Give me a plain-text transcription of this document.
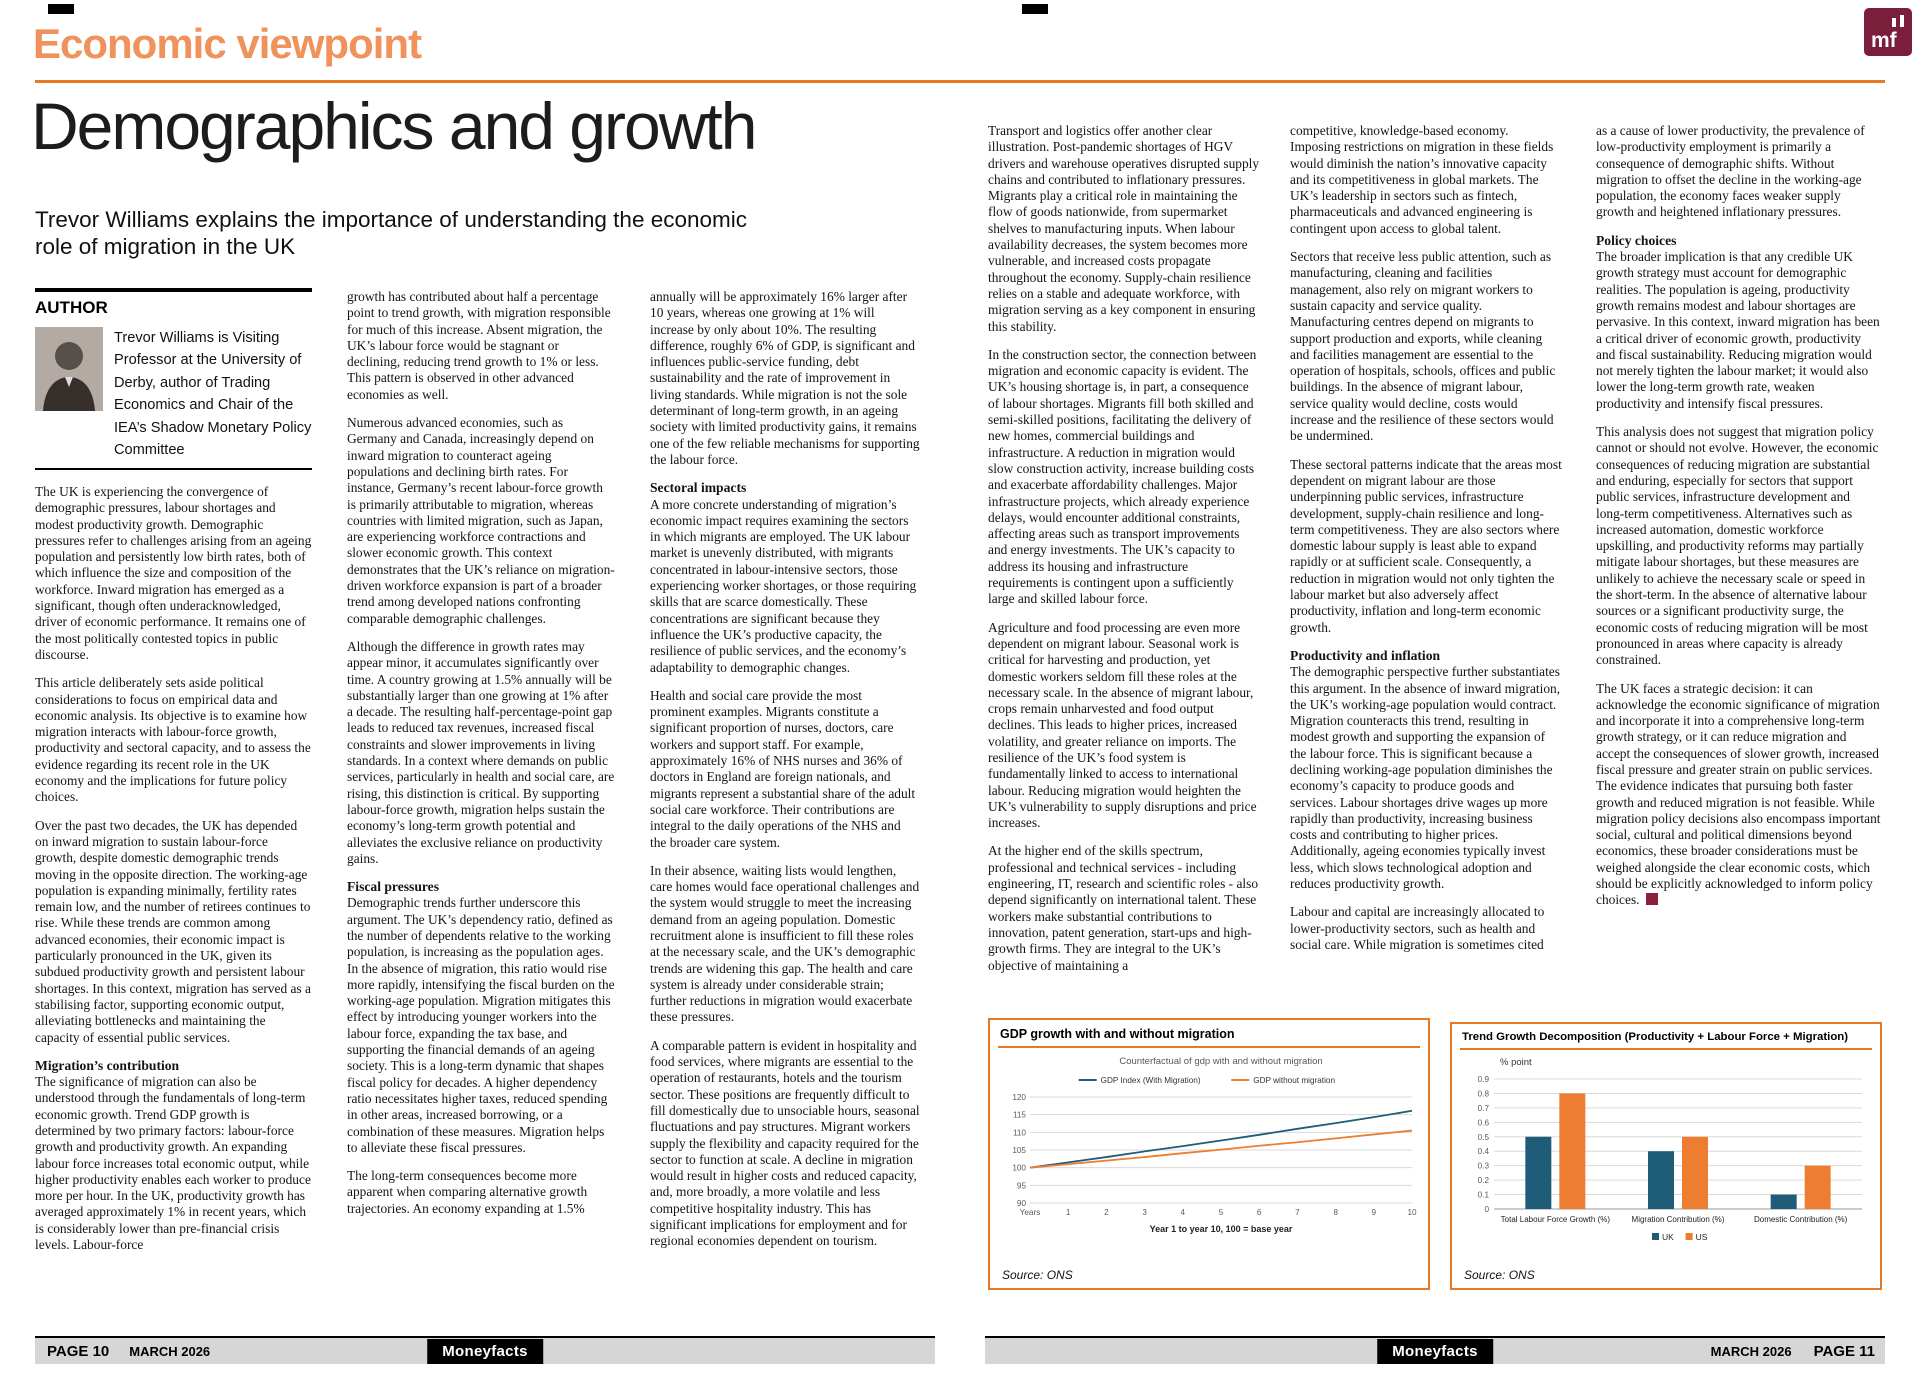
Economic viewpoint	mf
Demographics and growth

Trevor Williams explains the importance of understanding the economic role of migration in the UK

AUTHOR
Trevor Williams is Visiting Professor at the University of Derby, author of Trading Economics and Chair of the IEA’s Shadow Monetary Policy Committee

The UK is experiencing the convergence of demographic pressures, labour shortages and modest productivity growth. Demographic pressures refer to challenges arising from an ageing population and persistently low birth rates, both of which influence the size and composition of the workforce. Inward migration has emerged as a significant, though often underacknowledged, driver of economic performance. It remains one of the most politically contested topics in public discourse.

This article deliberately sets aside political considerations to focus on empirical data and economic analysis. Its objective is to examine how migration interacts with labour-force growth, productivity and sectoral capacity, and to assess the evidence regarding its recent role in the UK economy and the implications for future policy choices.

Over the past two decades, the UK has depended on inward migration to sustain labour-force growth, despite domestic demographic trends moving in the opposite direction. The working-age population is expanding minimally, fertility rates remain low, and the number of retirees continues to rise. While these trends are common among advanced economies, their economic impact is particularly pronounced in the UK, given its subdued productivity growth and persistent labour shortages. In this context, migration has served as a stabilising factor, supporting economic output, alleviating bottlenecks and maintaining the capacity of essential public services.

Migration’s contribution

The significance of migration can also be understood through the fundamentals of long-term economic growth. Trend GDP growth is determined by two primary factors: labour-force growth and productivity growth. An expanding labour force increases total economic output, while higher productivity enables each worker to produce more per hour. In the UK, productivity growth has averaged approximately 1% in recent years, which is considerably lower than pre-financial crisis levels. Labour-force

growth has contributed about half a percentage point to trend growth, with migration responsible for much of this increase. Absent migration, the UK’s labour force would be stagnant or declining, reducing trend growth to 1% or less. This pattern is observed in other advanced economies as well.

Numerous advanced economies, such as Germany and Canada, increasingly depend on inward migration to counteract ageing populations and declining birth rates. For instance, Germany’s recent labour-force growth is primarily attributable to migration, whereas countries with limited migration, such as Japan, are experiencing workforce contractions and slower economic growth. This context demonstrates that the UK’s reliance on migration-driven workforce expansion is part of a broader trend among developed nations confronting comparable demographic challenges.

Although the difference in growth rates may appear minor, it accumulates significantly over time. A country growing at 1.5% annually will be substantially larger than one growing at 1% after a decade. The resulting half-percentage-point gap leads to reduced tax revenues, increased fiscal constraints and slower improvements in living standards. In a context where demands on public services, particularly in health and social care, are rising, this distinction is critical. By supporting labour-force growth, migration helps sustain the economy’s long-term growth potential and alleviates the exclusive reliance on productivity gains.

Fiscal pressures

Demographic trends further underscore this argument. The UK’s dependency ratio, defined as the number of dependents relative to the working population, is increasing as the population ages. In the absence of migration, this ratio would rise more rapidly, intensifying the fiscal burden on the working-age population. Migration mitigates this effect by introducing younger workers into the labour force, expanding the tax base, and supporting the financial demands of an ageing society. This is a long-term dynamic that shapes fiscal policy for decades. A higher dependency ratio necessitates higher taxes, reduced spending in other areas, increased borrowing, or a combination of these measures. Migration helps to alleviate these fiscal pressures.

The long-term consequences become more apparent when comparing alternative growth trajectories. An economy expanding at 1.5%

annually will be approximately 16% larger after 10 years, whereas one growing at 1% will increase by only about 10%. The resulting difference, roughly 6% of GDP, is significant and influences public-service funding, debt sustainability and the rate of improvement in living standards. While migration is not the sole determinant of long-term growth, in an ageing society with limited productivity gains, it remains one of the few reliable mechanisms for supporting the labour force.

Sectoral impacts

A more concrete understanding of migration’s economic impact requires examining the sectors in which migrants are employed. The UK labour market is unevenly distributed, with migrants concentrated in labour-intensive sectors, those experiencing worker shortages, or those requiring skills that are scarce domestically. These concentrations are significant because they influence the UK’s productive capacity, the resilience of public services, and the economy’s adaptability to demographic changes.

Health and social care provide the most prominent examples. Migrants constitute a significant proportion of nurses, doctors, care workers and support staff. For example, approximately 16% of NHS nurses and 36% of doctors in England are foreign nationals, and migrants represent a substantial share of the adult social care workforce. Their contributions are integral to the daily operations of the NHS and the broader care system.

In their absence, waiting lists would lengthen, care homes would face operational challenges and the system would struggle to meet the increasing demand from an ageing population. Domestic recruitment alone is insufficient to fill these roles at the necessary scale, and the UK’s demographic trends are widening this gap. The health and care system is already under considerable strain; further reductions in migration would exacerbate these pressures.

A comparable pattern is evident in hospitality and food services, where migrants are essential to the operation of restaurants, hotels and the tourism sector. These positions are frequently difficult to fill domestically due to unsociable hours, seasonal fluctuations and pay structures. Migrant workers supply the flexibility and capacity required for the sector to function at scale. A decline in migration would result in higher costs and reduced capacity, and, more broadly, a more volatile and less competitive hospitality industry. This has significant implications for employment and for regional economies dependent on tourism.

Transport and logistics offer another clear illustration. Post-pandemic shortages of HGV drivers and warehouse operatives disrupted supply chains and contributed to inflationary pressures. Migrants play a critical role in maintaining the flow of goods nationwide, from supermarket shelves to manufacturing inputs. When labour availability decreases, the system becomes more vulnerable, and increased costs propagate throughout the economy. Supply-chain resilience relies on a stable and adequate workforce, with migration serving as a key component in ensuring this stability.

In the construction sector, the connection between migration and economic capacity is evident. The UK’s housing shortage is, in part, a consequence of labour shortages. Migrants fill both skilled and semi-skilled positions, facilitating the delivery of new homes, commercial buildings and infrastructure. A reduction in migration would slow construction activity, increase building costs and exacerbate affordability challenges. Major infrastructure projects, which already experience delays, would encounter additional constraints, affecting areas such as transport improvements and energy investments. The UK’s capacity to address its housing and infrastructure requirements is contingent upon a sufficiently large and skilled labour force.

Agriculture and food processing are even more dependent on migrant labour. Seasonal work is critical for harvesting and production, yet domestic workers seldom fill these roles at the necessary scale. In the absence of migrant labour, crops remain unharvested and food output declines. This leads to higher prices, increased volatility, and greater reliance on imports. The resilience of the UK’s food system is fundamentally linked to access to international labour. Reducing migration would heighten the UK’s vulnerability to supply disruptions and price increases.

At the higher end of the skills spectrum, professional and technical services - including engineering, IT, research and scientific roles - also depend significantly on international talent. These workers make substantial contributions to innovation, patent generation, start-ups and high-growth firms. They are integral to the UK’s objective of maintaining a

competitive, knowledge-based economy. Imposing restrictions on migration in these fields would diminish the nation’s innovative capacity and its competitiveness in global markets. The UK’s leadership in sectors such as fintech, pharmaceuticals and advanced engineering is contingent upon access to global talent.

Sectors that receive less public attention, such as manufacturing, cleaning and facilities management, also rely on migrant workers to sustain capacity and service quality. Manufacturing centres depend on migrants to support production and exports, while cleaning and facilities management are essential to the operation of hospitals, schools, offices and public buildings. In the absence of migrant labour, service quality would decline, costs would increase and the resilience of these sectors would be undermined.

These sectoral patterns indicate that the areas most dependent on migrant labour are those underpinning public services, infrastructure development, supply-chain resilience and long-term competitiveness. They are also sectors where domestic labour supply is least able to expand rapidly or at sufficient scale. Consequently, a reduction in migration would not only tighten the labour market but also adversely affect productivity, inflation and long-term economic growth.

Productivity and inflation

The demographic perspective further substantiates this argument. In the absence of inward migration, the UK’s working-age population would contract. Migration counteracts this trend, resulting in modest growth and supporting the expansion of the labour force. This is significant because a declining working-age population diminishes the economy’s capacity to produce goods and services. Labour shortages drive wages up more rapidly than productivity, increasing business costs and contributing to higher prices. Additionally, ageing economies typically invest less, which slows technological adoption and reduces productivity growth.

Labour and capital are increasingly allocated to lower-productivity sectors, such as health and social care. While migration is sometimes cited

as a cause of lower productivity, the prevalence of low-productivity employment is primarily a consequence of demographic shifts. Without migration to offset the decline in the working-age population, the economy faces weaker supply growth and heightened inflationary pressures.

Policy choices

The broader implication is that any credible UK growth strategy must account for demographic realities. The population is ageing, productivity growth remains modest and labour shortages are pervasive. In this context, inward migration has been a critical driver of economic growth, productivity and fiscal sustainability. Reducing migration would not merely tighten the labour market; it would also lower the long-term growth rate, weaken productivity and intensify fiscal pressures.

This analysis does not suggest that migration policy cannot or should not evolve. However, the economic consequences of reducing migration are substantial and enduring, especially for sectors that support public services, infrastructure development and long-term competitiveness. Alternatives such as increased automation, domestic workforce upskilling, and productivity reforms may partially mitigate labour shortages, but these measures are unlikely to achieve the necessary scale or speed in the short-term. In the absence of alternative labour sources or a significant productivity surge, the economic costs of reducing migration will be most pronounced in areas where capacity is already constrained.

The UK faces a strategic decision: it can acknowledge the economic significance of migration and incorporate it into a comprehensive long-term growth strategy, or it can reduce migration and accept the consequences of slower growth, increased fiscal pressure and greater strain on public services. The evidence indicates that pursuing both faster growth and reduced migration is not feasible. While migration policy decisions also encompass important social, cultural and political dimensions beyond economics, these broader considerations must be weighed alongside the clear economic costs, which should be explicitly acknowledged to inform policy choices.

GDP growth with and without migration
Counterfactual of gdp with and without migration
GDP Index (With Migration)	GDP without migration
90
95
100
105
110
115
120
Years	1	2	3	4	5	6	7	8	9	10
Year 1 to year 10, 100 = base year
Source: ONS
Trend Growth Decomposition (Productivity + Labour Force + Migration)
% point
0
0.1
0.2
0.3
0.4
0.5
0.6
0.7
0.8
0.9
Total Labour Force Growth (%)	Migration Contribution (%)	Domestic Contribution (%)
UK	US
Source: ONS
PAGE 10 MARCH 2026	Moneyfacts	Moneyfacts	MARCH 2026 PAGE 11
